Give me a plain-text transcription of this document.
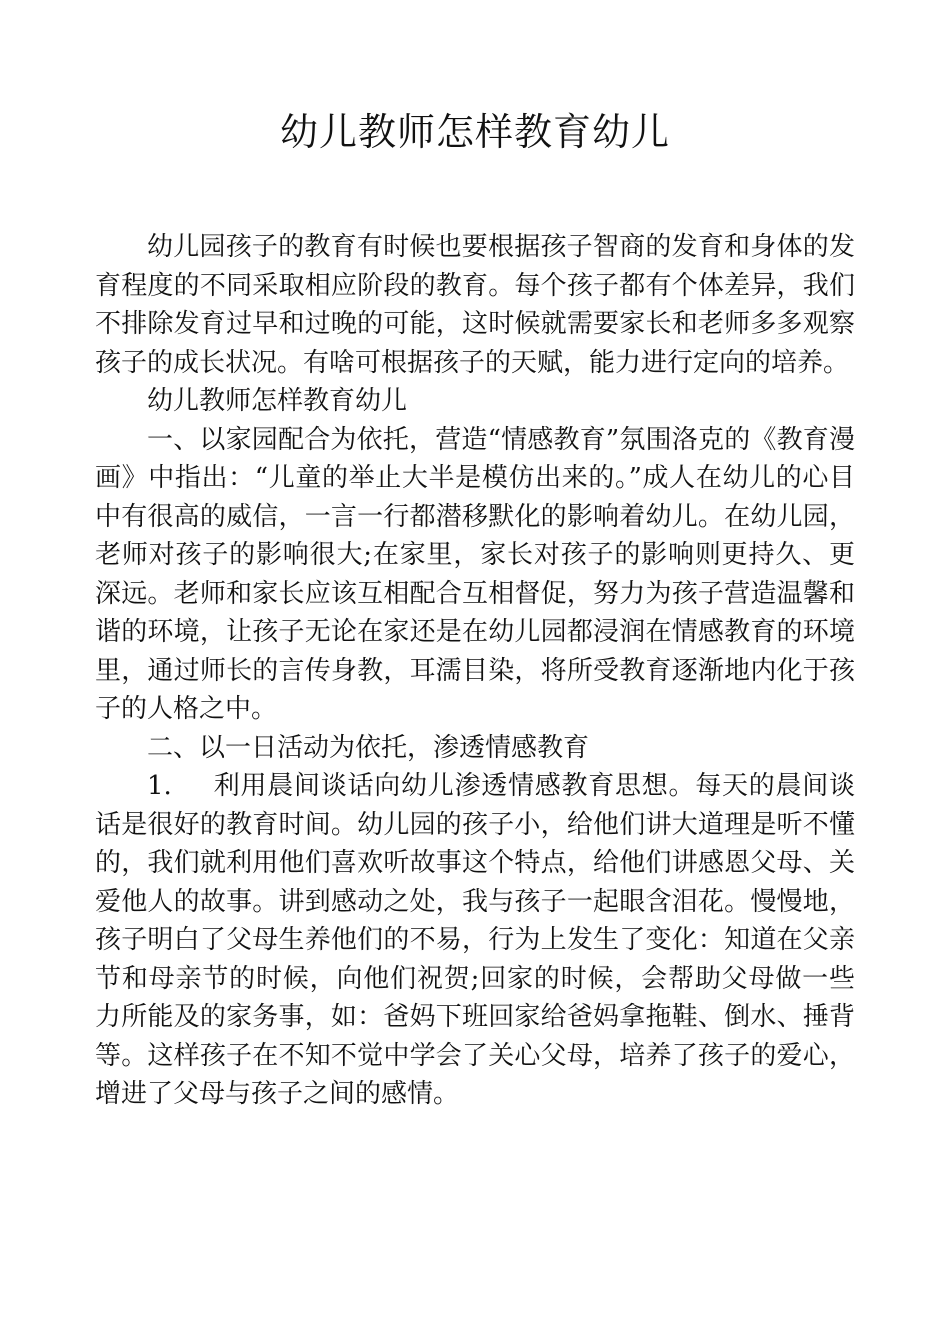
幼儿教师怎样教育幼儿

幼儿园孩子的教育有时候也要根据孩子智商的发育和身体的发育程度的不同采取相应阶段的教育。每个孩子都有个体差异，我们不排除发育过早和过晚的可能，这时候就需要家长和老师多多观察孩子的成长状况。有啥可根据孩子的天赋，能力进行定向的培养。

幼儿教师怎样教育幼儿

一、以家园配合为依托，营造“情感教育”氛围洛克的《教育漫画》中指出：“儿童的举止大半是模仿出来的。”成人在幼儿的心目中有很高的威信，一言一行都潜移默化的影响着幼儿。在幼儿园，老师对孩子的影响很大;在家里，家长对孩子的影响则更持久、更深远。老师和家长应该互相配合互相督促，努力为孩子营造温馨和谐的环境，让孩子无论在家还是在幼儿园都浸润在情感教育的环境里，通过师长的言传身教，耳濡目染，将所受教育逐渐地内化于孩子的人格之中。

二、以一日活动为依托，渗透情感教育

1. 利用晨间谈话向幼儿渗透情感教育思想。每天的晨间谈话是很好的教育时间。幼儿园的孩子小，给他们讲大道理是听不懂的，我们就利用他们喜欢听故事这个特点，给他们讲感恩父母、关爱他人的故事。讲到感动之处，我与孩子一起眼含泪花。慢慢地，孩子明白了父母生养他们的不易，行为上发生了变化：知道在父亲节和母亲节的时候，向他们祝贺;回家的时候，会帮助父母做一些力所能及的家务事，如：爸妈下班回家给爸妈拿拖鞋、倒水、捶背等。这样孩子在不知不觉中学会了关心父母，培养了孩子的爱心，增进了父母与孩子之间的感情。
